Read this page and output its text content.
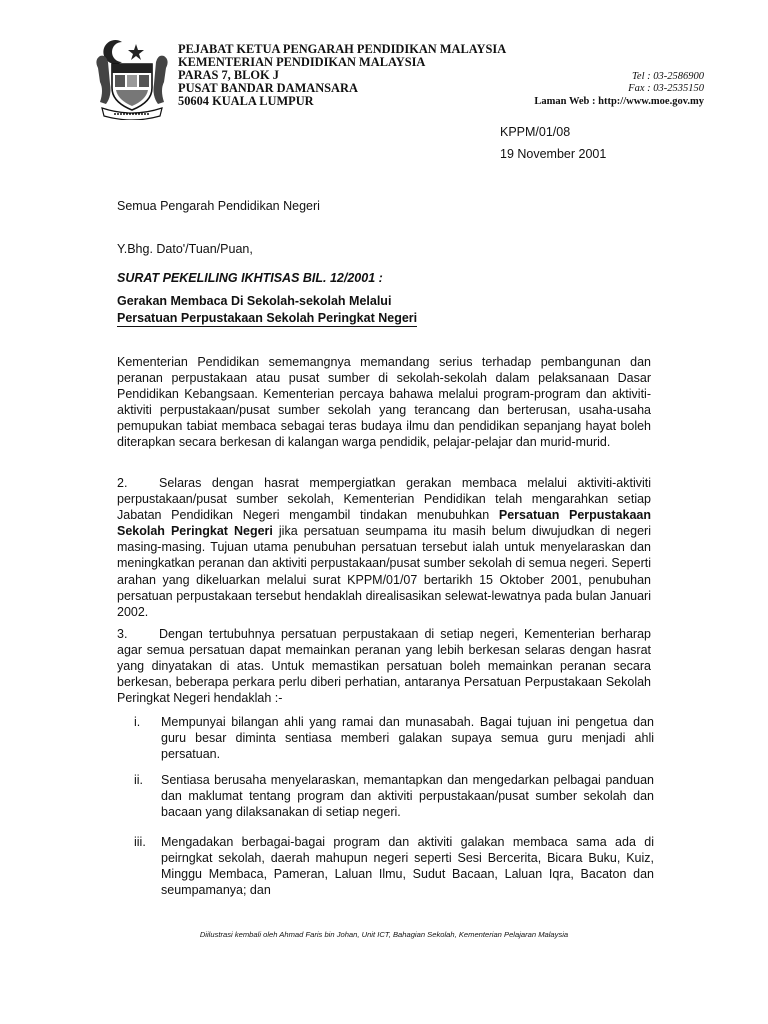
PEJABAT KETUA PENGARAH PENDIDIKAN MALAYSIA
KEMENTERIAN PENDIDIKAN MALAYSIA
PARAS 7, BLOK J
PUSAT BANDAR DAMANSARA
50604 KUALA LUMPUR
Tel : 03-2586900
Fax : 03-2535150
Laman Web : http://www.moe.gov.my
KPPM/01/08
19 November 2001
Semua Pengarah Pendidikan Negeri
Y.Bhg. Dato'/Tuan/Puan,
SURAT PEKELILING IKHTISAS BIL. 12/2001 :
Gerakan Membaca Di Sekolah-sekolah Melalui
Persatuan Perpustakaan Sekolah Peringkat Negeri
Kementerian Pendidikan sememangnya memandang serius terhadap pembangunan dan peranan perpustakaan atau pusat sumber di sekolah-sekolah dalam pelaksanaan Dasar Pendidikan Kebangsaan. Kementerian percaya bahawa melalui program-program dan aktiviti-aktiviti perpustakaan/pusat sumber sekolah yang terancang dan berterusan, usaha-usaha pemupukan tabiat membaca sebagai teras budaya ilmu dan pendidikan sepanjang hayat boleh diterapkan secara berkesan di kalangan warga pendidik, pelajar-pelajar dan murid-murid.
2.	Selaras dengan hasrat mempergiatkan gerakan membaca melalui aktiviti-aktiviti perpustakaan/pusat sumber sekolah, Kementerian Pendidikan telah mengarahkan setiap Jabatan Pendidikan Negeri mengambil tindakan menubuhkan Persatuan Perpustakaan Sekolah Peringkat Negeri jika persatuan seumpama itu masih belum diwujudkan di negeri masing-masing. Tujuan utama penubuhan persatuan tersebut ialah untuk menyelaraskan dan meningkatkan peranan dan aktiviti perpustakaan/pusat sumber sekolah di semua negeri. Seperti arahan yang dikeluarkan melalui surat KPPM/01/07 bertarikh 15 Oktober 2001, penubuhan persatuan perpustakaan tersebut hendaklah direalisasikan selewat-lewatnya pada bulan Januari 2002.
3.	Dengan tertubuhnya persatuan perpustakaan di setiap negeri, Kementerian berharap agar semua persatuan dapat memainkan peranan yang lebih berkesan selaras dengan hasrat yang dinyatakan di atas. Untuk memastikan persatuan boleh memainkan peranan secara berkesan, beberapa perkara perlu diberi perhatian, antaranya Persatuan Perpustakaan Sekolah Peringkat Negeri hendaklah :-
i.	Mempunyai bilangan ahli yang ramai dan munasabah. Bagai tujuan ini pengetua dan guru besar diminta sentiasa memberi galakan supaya semua guru menjadi ahli persatuan.
ii.	Sentiasa berusaha menyelaraskan, memantapkan dan mengedarkan pelbagai panduan dan maklumat tentang program dan aktiviti perpustakaan/pusat sumber sekolah dan bacaan yang dilaksanakan di setiap negeri.
iii.	Mengadakan berbagai-bagai program dan aktiviti galakan membaca sama ada di peirngkat sekolah, daerah mahupun negeri seperti Sesi Bercerita, Bicara Buku, Kuiz, Minggu Membaca, Pameran, Laluan Ilmu, Sudut Bacaan, Laluan Iqra, Bacaton dan seumpamanya; dan
Diilustrasi kembali oleh Ahmad Faris bin Johan, Unit ICT, Bahagian Sekolah, Kementerian Pelajaran Malaysia
